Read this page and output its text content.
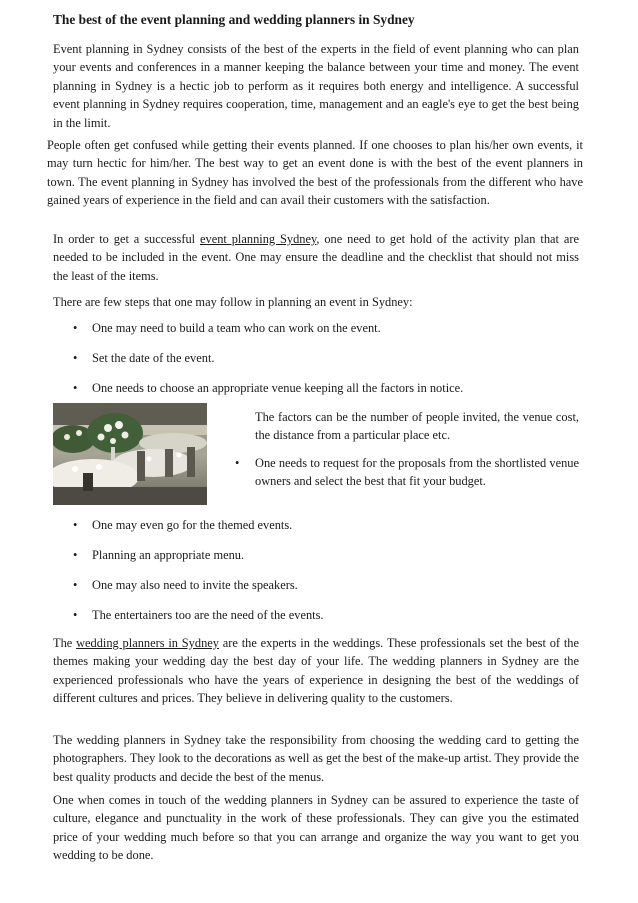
The best of the event planning and wedding planners in Sydney
Event planning in Sydney consists of the best of the experts in the field of event planning who can plan your events and conferences in a manner keeping the balance between your time and money. The event planning in Sydney is a hectic job to perform as it requires both energy and intelligence. A successful event planning in Sydney requires cooperation, time, management and an eagle's eye to get the best being in the limit.
People often get confused while getting their events planned. If one chooses to plan his/her own events, it may turn hectic for him/her. The best way to get an event done is with the best of the event planners in town. The event planning in Sydney has involved the best of the professionals from the different who have gained years of experience in the field and can avail their customers with the satisfaction.
In order to get a successful event planning Sydney, one need to get hold of the activity plan that are needed to be included in the event. One may ensure the deadline and the checklist that should not miss the least of the items.
There are few steps that one may follow in planning an event in Sydney:
• One may need to build a team who can work on the event.
• Set the date of the event.
• One needs to choose an appropriate venue keeping all the factors in notice.
The factors can be the number of people invited, the venue cost, the distance from a particular place etc.
• One needs to request for the proposals from the shortlisted venue owners and select the best that fit your budget.
• One may even go for the themed events.
• Planning an appropriate menu.
• One may also need to invite the speakers.
• The entertainers too are the need of the events.
The wedding planners in Sydney are the experts in the weddings. These professionals set the best of the themes making your wedding day the best day of your life. The wedding planners in Sydney are the experienced professionals who have the years of experience in designing the best of the weddings of different cultures and prices. They believe in delivering quality to the customers.
The wedding planners in Sydney take the responsibility from choosing the wedding card to getting the photographers. They look to the decorations as well as get the best of the make-up artist. They provide the best quality products and decide the best of the menus.
One when comes in touch of the wedding planners in Sydney can be assured to experience the taste of culture, elegance and punctuality in the work of these professionals. They can give you the estimated price of your wedding much before so that you can arrange and organize the way you want to get you wedding to be done.
